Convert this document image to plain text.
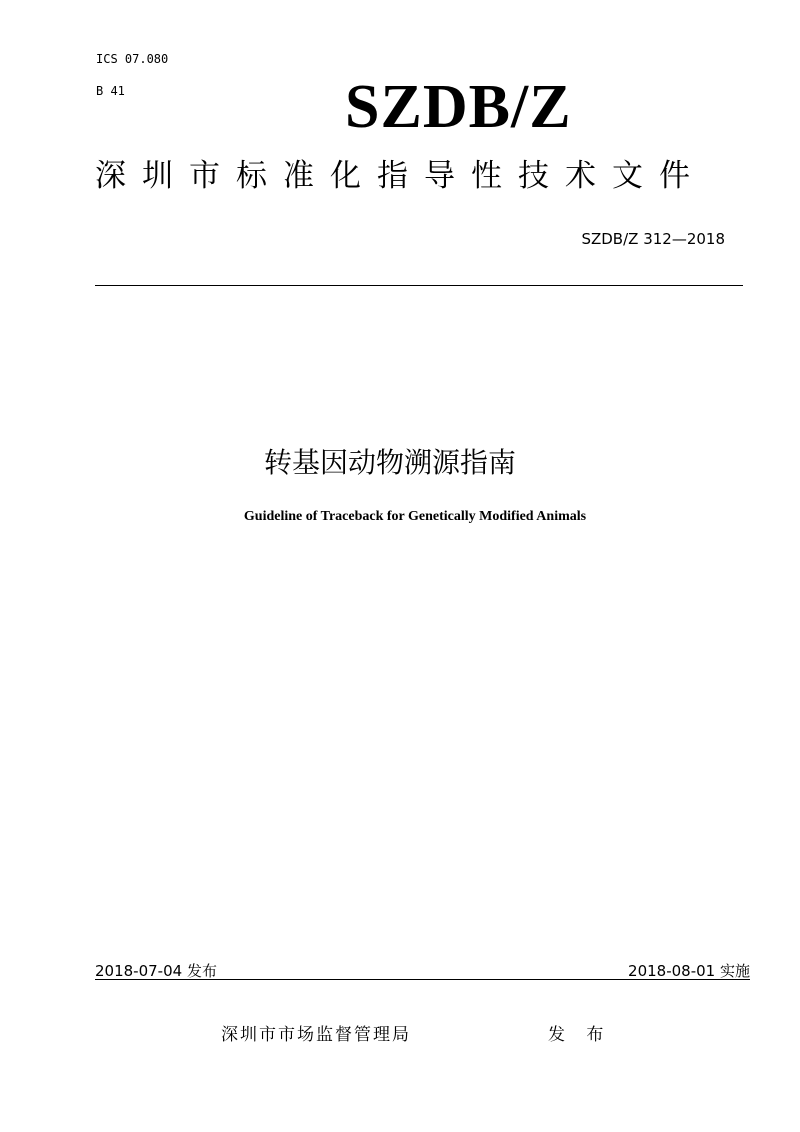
ICS 07.080
B 41	SZDB/Z
深圳市标准化指导性技术文件
SZDB/Z 312—2018
转基因动物溯源指南
Guideline of Traceback for Genetically Modified Animals
2018-07-04 发布	2018-08-01 实施
深圳市市场监督管理局	发 布
